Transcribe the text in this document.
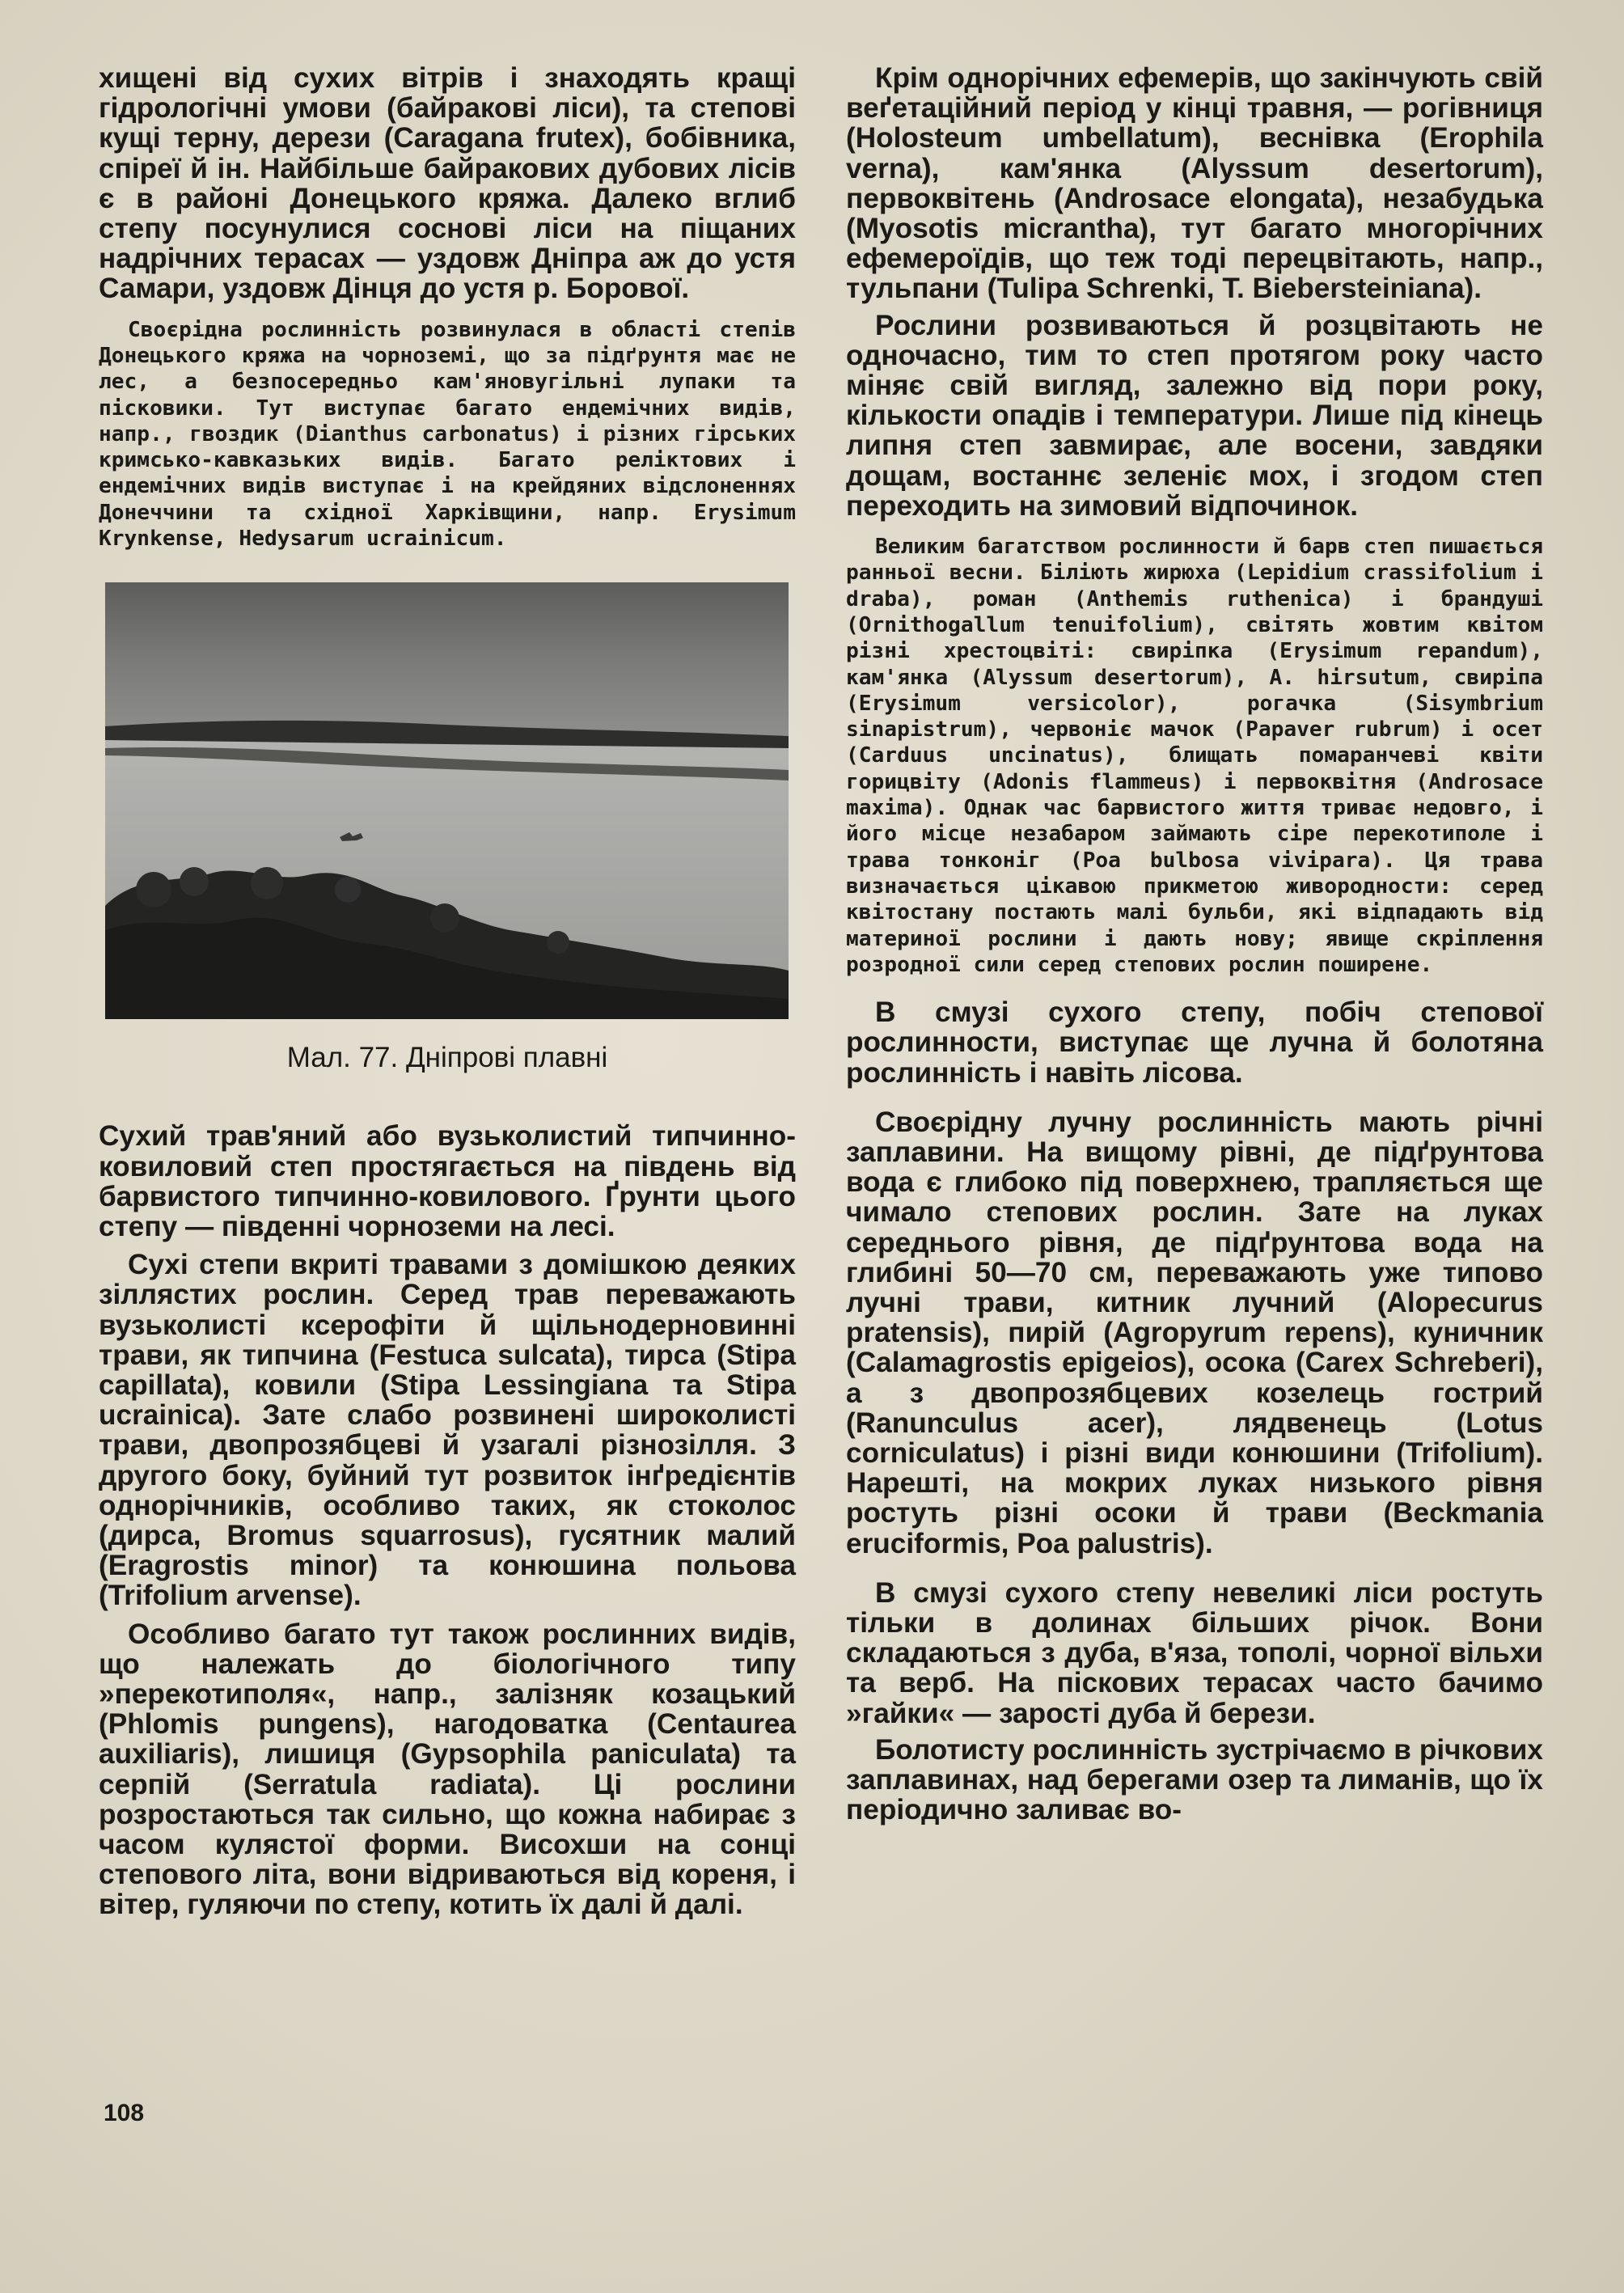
хищені від сухих вітрів і знаходять кращі гідрологічні умови (байракові ліси), та степові кущі терну, дерези (Caragana frutex), бобівника, спіреї й ін. Найбільше байракових дубових лісів є в районі Донецького кряжа. Далеко вглиб степу посунулися соснові ліси на піщаних надрічних терасах — уздовж Дніпра аж до устя Самари, уздовж Дінця до устя р. Борової.

Своєрідна рослинність розвинулася в області степів Донецького кряжа на чорноземі, що за підґрунтя має не лес, а безпосередньо кам'яновугільні лупаки та пісковики. Тут виступає багато ендемічних видів, напр., гвоздик (Dianthus carbonatus) і різних гірських кримсько-кавказьких видів. Багато реліктових і ендемічних видів виступає і на крейдяних відслоненнях Донеччини та східної Харківщини, напр. Erysimum Krynkense, Hedysarum ucrainicum.

Мал. 77. Дніпрові плавні

Сухий трав'яний або вузьколистий типчинно-ковиловий степ простягається на південь від барвистого типчинно-ковилового. Ґрунти цього степу — південні чорноземи на лесі.

Сухі степи вкриті травами з домішкою деяких зіллястих рослин. Серед трав переважають вузьколисті ксерофіти й щільнодерновинні трави, як типчина (Festuca sulcata), тирса (Stipa capillata), ковили (Stipa Lessingiana та Stipa ucrainica). Зате слабо розвинені широколисті трави, двопрозябцеві й узагалі різнозілля. З другого боку, буйний тут розвиток інґредієнтів однорічників, особливо таких, як стоколос (дирса, Bromus squarrosus), гусятник малий (Eragrostis minor) та конюшина польова (Trifolium arvense).

Особливо багато тут також рослинних видів, що належать до біологічного типу »перекотиполя«, напр., залізняк козацький (Phlomis pungens), нагодоватка (Centaurea auxiliaris), лишиця (Gypsophila paniculata) та серпій (Serratula radiata). Ці рослини розростаються так сильно, що кожна набирає з часом кулястої форми. Висохши на сонці степового літа, вони відриваються від кореня, і вітер, гуляючи по степу, котить їх далі й далі.

Крім однорічних ефемерів, що закінчують свій веґетаційний період у кінці травня, — рогівниця (Holosteum umbellatum), веснівка (Erophila verna), кам'янка (Alyssum desertorum), первоквітень (Androsace elongata), незабудька (Myosotis micrantha), тут багато многорічних ефемероїдів, що теж тоді перецвітають, напр., тульпани (Tulipa Schrenki, T. Biebersteiniana).

Рослини розвиваються й розцвітають не одночасно, тим то степ протягом року часто міняє свій вигляд, залежно від пори року, кількости опадів і температури. Лише під кінець липня степ завмирає, але восени, завдяки дощам, востаннє зеленіє мох, і згодом степ переходить на зимовий відпочинок.

Великим багатством рослинности й барв степ пишається ранньої весни. Біліють жирюха (Lepidium crassifolium і draba), роман (Anthemis ruthenica) і брандуші (Ornithogallum tenuifolium), світять жовтим квітом різні хрестоцвіті: свиріпка (Erysimum repandum), кам'янка (Alyssum desertorum), A. hirsutum, свиріпа (Erysimum versicolor), рогачка (Sisymbrium sinapistrum), червоніє мачок (Papaver rubrum) і осет (Carduus uncinatus), блищать помаранчеві квіти горицвіту (Adonis flammeus) і первоквітня (Androsace maxima). Однак час барвистого життя триває недовго, і його місце незабаром займають сіре перекотиполе і трава тонконіг (Poa bulbosa vivipara). Ця трава визначається цікавою прикметою живородности: серед квітостану постають малі бульби, які відпадають від материної рослини і дають нову; явище скріплення розродної сили серед степових рослин поширене.

В смузі сухого степу, побіч степової рослинности, виступає ще лучна й болотяна рослинність і навіть лісова.

Своєрідну лучну рослинність мають річні заплавини. На вищому рівні, де підґрунтова вода є глибоко під поверхнею, трапляється ще чимало степових рослин. Зате на луках середнього рівня, де підґрунтова вода на глибині 50—70 см, переважають уже типово лучні трави, китник лучний (Alopecurus pratensis), пирій (Agropyrum repens), куничник (Calamagrostis epigeios), осока (Carex Schreberi), а з двопрозябцевих козелець гострий (Ranunculus acer), лядвенець (Lotus corniculatus) і різні види конюшини (Trifolium). Нарешті, на мокрих луках низького рівня ростуть різні осоки й трави (Beckmania eruciformis, Poa palustris).

В смузі сухого степу невеликі ліси ростуть тільки в долинах більших річок. Вони складаються з дуба, в'яза, тополі, чорної вільхи та верб. На піскових терасах часто бачимо »гайки« — зарості дуба й берези.

Болотисту рослинність зустрічаємо в річкових заплавинах, над берегами озер та лиманів, що їх періодично заливає во-

108
